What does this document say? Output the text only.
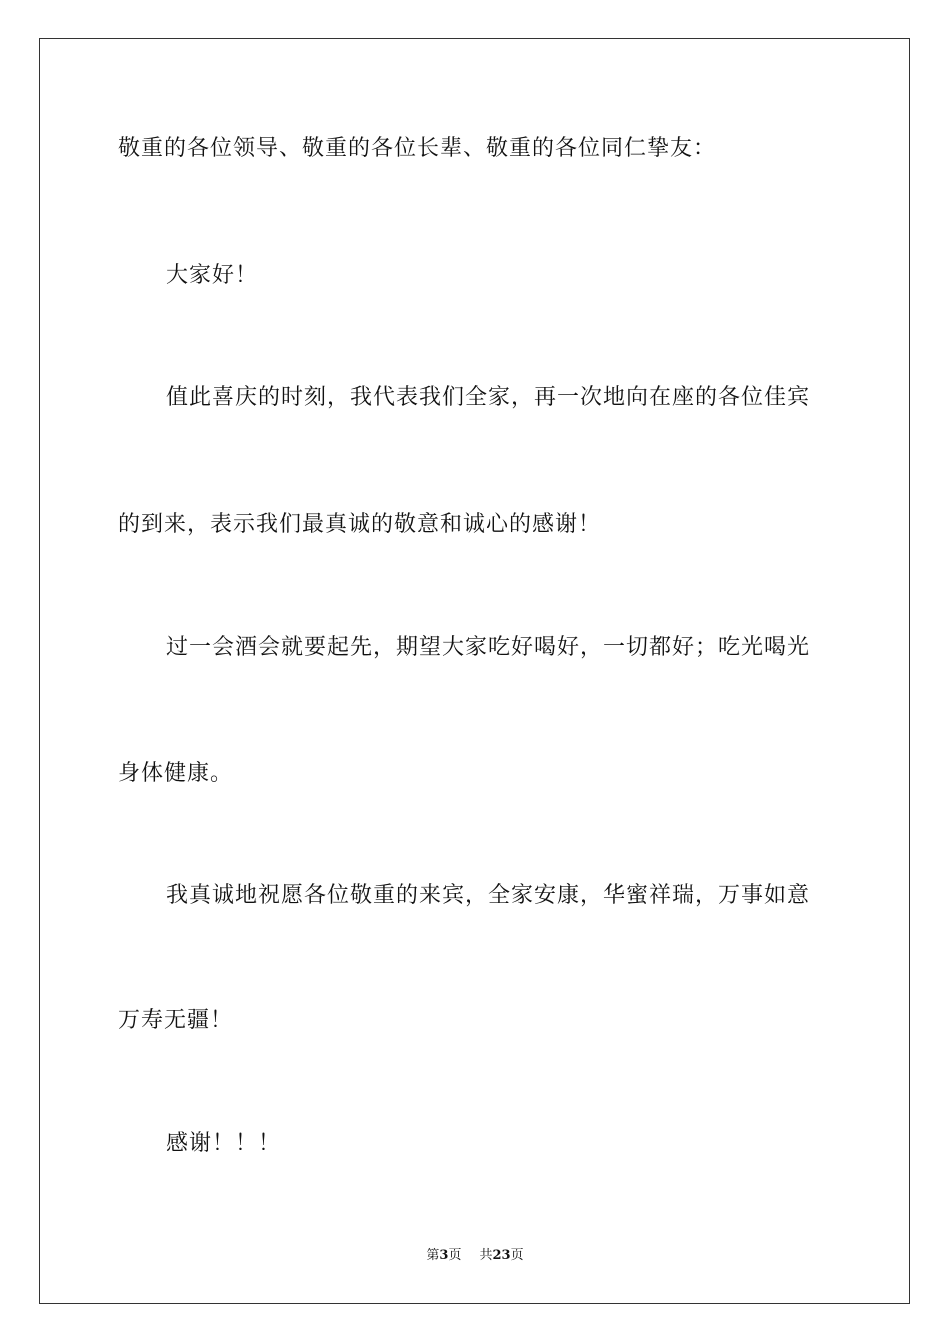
敬重的各位领导、敬重的各位长辈、敬重的各位同仁挚友：
大家好！
值此喜庆的时刻，我代表我们全家，再一次地向在座的各位佳宾
的到来，表示我们最真诚的敬意和诚心的感谢！
过一会酒会就要起先，期望大家吃好喝好，一切都好；吃光喝光
身体健康。
我真诚地祝愿各位敬重的来宾，全家安康，华蜜祥瑞，万事如意
万寿无疆！
感谢！！！
第3页 共23页
